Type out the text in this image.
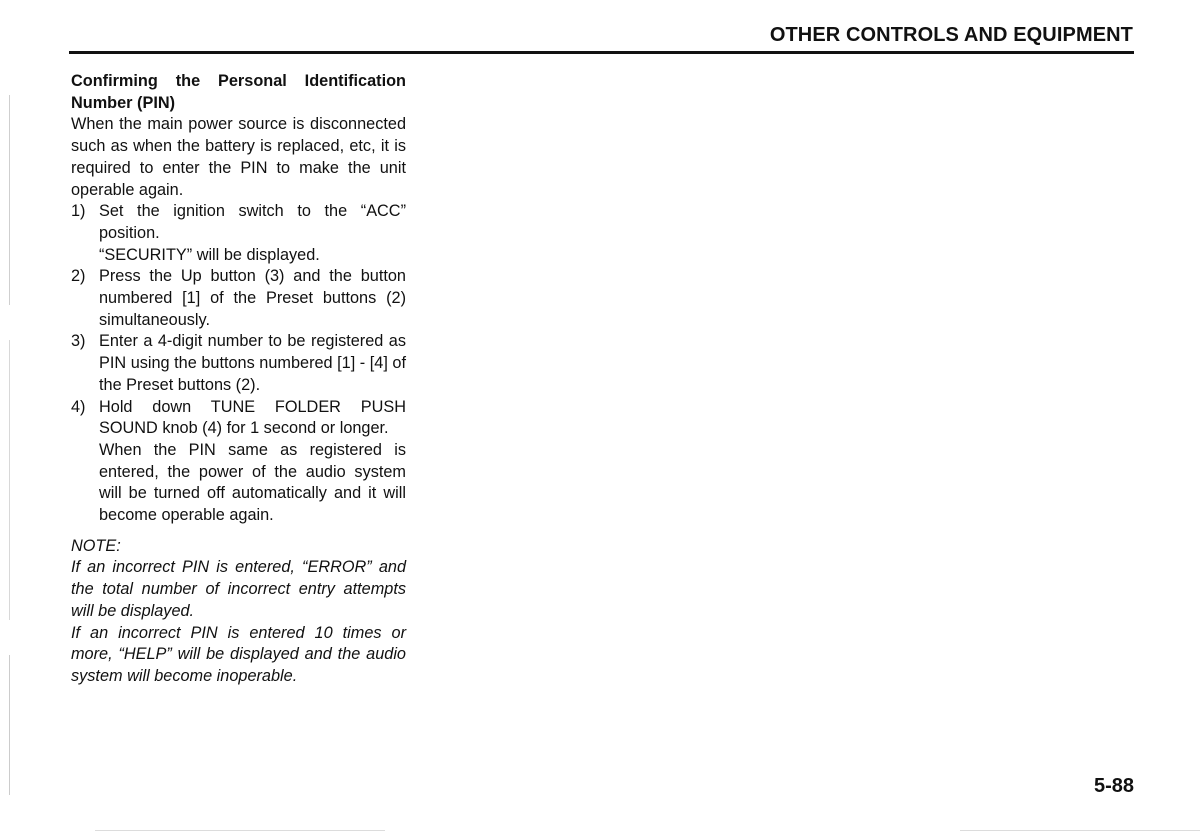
OTHER CONTROLS AND EQUIPMENT
Confirming the Personal Identification Number (PIN)
When the main power source is disconnected such as when the battery is replaced, etc, it is required to enter the PIN to make the unit operable again.
1) Set the ignition switch to the “ACC” position.
“SECURITY” will be displayed.
2) Press the Up button (3) and the button numbered [1] of the Preset buttons (2) simultaneously.
3) Enter a 4-digit number to be registered as PIN using the buttons numbered [1] - [4] of the Preset buttons (2).
4) Hold down TUNE FOLDER PUSH SOUND knob (4) for 1 second or longer.
When the PIN same as registered is entered, the power of the audio system will be turned off automatically and it will become operable again.
NOTE:
If an incorrect PIN is entered, “ERROR” and the total number of incorrect entry attempts will be displayed.
If an incorrect PIN is entered 10 times or more, “HELP” will be displayed and the audio system will become inoperable.
5-88
